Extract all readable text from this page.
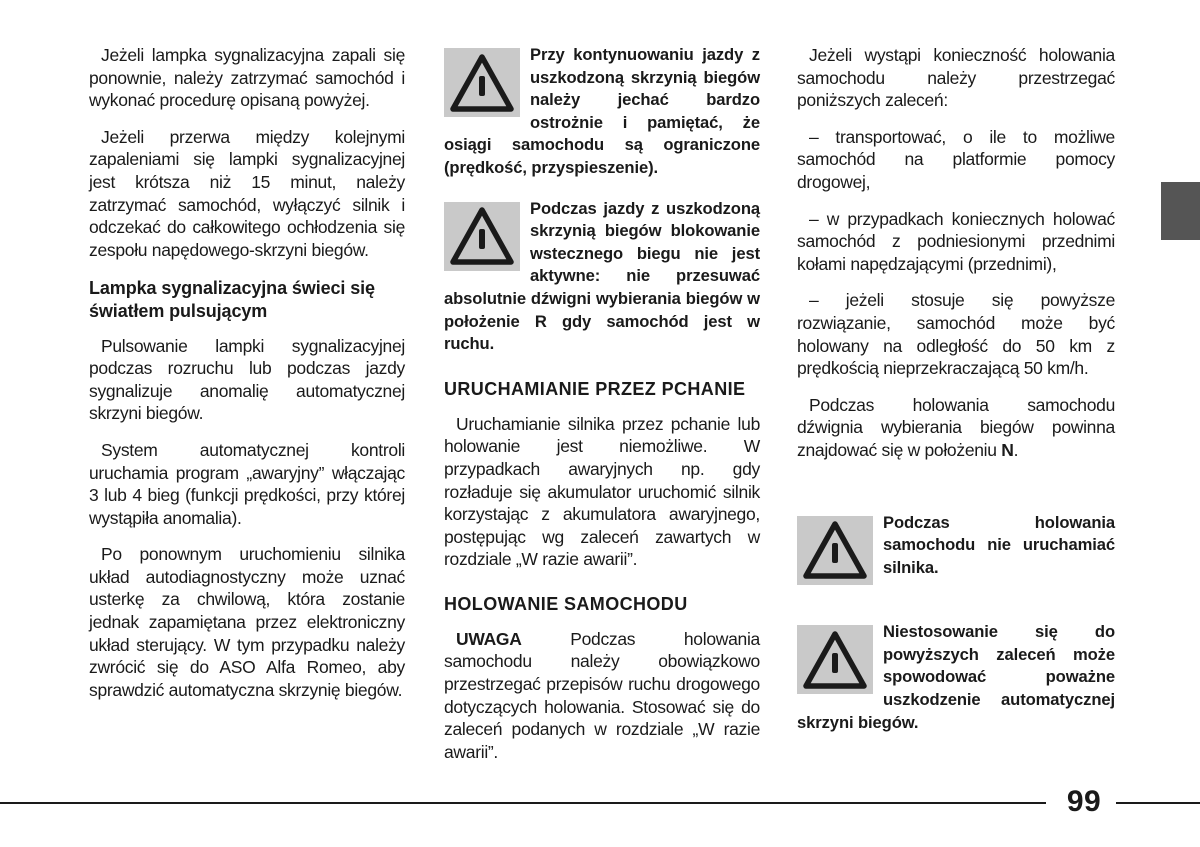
Jeżeli lampka sygnalizacyjna zapali się ponownie, należy zatrzymać samochód i wykonać procedurę opisaną powyżej.

Jeżeli przerwa między kolejnymi zapaleniami się lampki sygnalizacyjnej jest krótsza niż 15 minut, należy zatrzymać samochód, wyłączyć silnik i odczekać do całkowitego ochłodzenia się zespołu napędowego-skrzyni biegów.

Lampka sygnalizacyjna świeci się światłem pulsującym

Pulsowanie lampki sygnalizacyjnej podczas rozruchu lub podczas jazdy sygnalizuje anomalię automatycznej skrzyni biegów.

System automatycznej kontroli uruchamia program „awaryjny” włączając 3 lub 4 bieg (funkcji prędkości, przy której wystąpiła anomalia).

Po ponownym uruchomieniu silnika układ autodiagnostyczny może uznać usterkę za chwilową, która zostanie jednak zapamiętana przez elektroniczny układ sterujący. W tym przypadku należy zwrócić się do ASO Alfa Romeo, aby sprawdzić automatyczna skrzynię biegów.

Przy kontynuowaniu jazdy z uszkodzoną skrzynią biegów należy jechać bardzo ostrożnie i pamiętać, że osiągi samochodu są ograniczone (prędkość, przyspieszenie).
Podczas jazdy z uszkodzoną skrzynią biegów blokowanie wstecznego biegu nie jest aktywne: nie przesuwać absolutnie dźwigni wybierania biegów w położenie R gdy samochód jest w ruchu.
URUCHAMIANIE PRZEZ PCHANIE

Uruchamianie silnika przez pchanie lub holowanie jest niemożliwe. W przypadkach awaryjnych np. gdy rozładuje się akumulator uruchomić silnik korzystając z akumulatora awaryjnego, postępując wg zaleceń zawartych w rozdziale „W razie awarii”.

HOLOWANIE SAMOCHODU

UWAGA Podczas holowania samochodu należy obowiązkowo przestrzegać przepisów ruchu drogowego dotyczących holowania. Stosować się do zaleceń podanych w rozdziale „W razie awarii”.

Jeżeli wystąpi konieczność holowania samochodu należy przestrzegać poniższych zaleceń:

– transportować, o ile to możliwe samochód na platformie pomocy drogowej,

– w przypadkach koniecznych holować samochód z podniesionymi przednimi kołami napędzającymi (przednimi),

– jeżeli stosuje się powyższe rozwiązanie, samochód może być holowany na odległość do 50 km z prędkością nieprzekraczającą 50 km/h.

Podczas holowania samochodu dźwignia wybierania biegów powinna znajdować się w położeniu N.

Podczas holowania samochodu nie uruchamiać silnika.
Niestosowanie się do powyższych zaleceń może spowodować poważne uszkodzenie automatycznej skrzyni biegów.
99
